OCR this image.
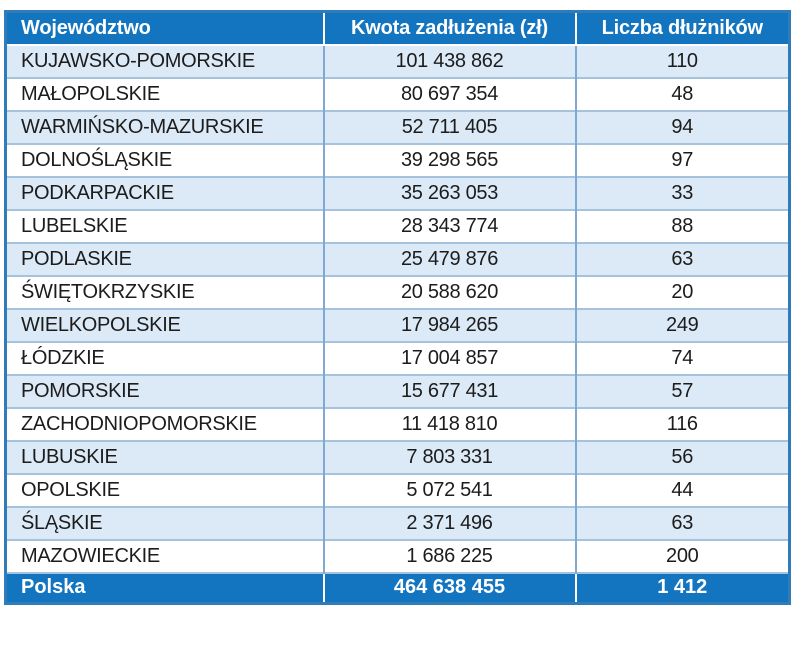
Województwo	Kwota zadłużenia (zł)	Liczba dłużników
KUJAWSKO-POMORSKIE	101 438 862	110
MAŁOPOLSKIE	80 697 354	48
WARMIŃSKO-MAZURSKIE	52 711 405	94
DOLNOŚLĄSKIE	39 298 565	97
PODKARPACKIE	35 263 053	33
LUBELSKIE	28 343 774	88
PODLASKIE	25 479 876	63
ŚWIĘTOKRZYSKIE	20 588 620	20
WIELKOPOLSKIE	17 984 265	249
ŁÓDZKIE	17 004 857	74
POMORSKIE	15 677 431	57
ZACHODNIOPOMORSKIE	11 418 810	116
LUBUSKIE	7 803 331	56
OPOLSKIE	5 072 541	44
ŚLĄSKIE	2 371 496	63
MAZOWIECKIE	1 686 225	200
Polska	464 638 455	1 412
